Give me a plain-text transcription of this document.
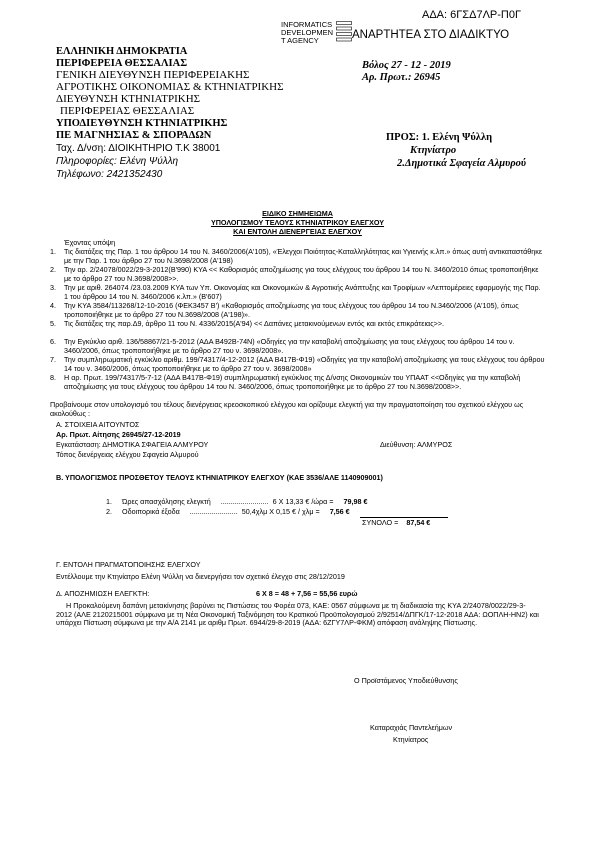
ΑΔΑ: 6ΓΣΔ7ΛΡ-Π0Γ
INFORMATICS
DEVELOPMEN
T AGENCY	ΑΝΑΡΤΗΤΕΑ ΣΤΟ ΔΙΑΔΙΚΤΥΟ
ΕΛΛΗΝΙΚΗ ΔΗΜΟΚΡΑΤΙΑ
ΠΕΡΙΦΕΡΕΙΑ ΘΕΣΣΑΛΙΑΣ
ΓΕΝΙΚΗ ΔΙΕΥΘΥΝΣΗ ΠΕΡΙΦΕΡΕΙΑΚΗΣ
ΑΓΡΟΤΙΚΗΣ ΟΙΚΟΝΟΜΙΑΣ & ΚΤΗΝΙΑΤΡΙΚΗΣ
ΔΙΕΥΘΥΝΣΗ ΚΤΗΝΙΑΤΡΙΚΗΣ
ΠΕΡΙΦΕΡΕΙΑΣ ΘΕΣΣΑΛΙΑΣ
ΥΠΟΔΙΕΥΘΥΝΣΗ ΚΤΗΝΙΑΤΡΙΚΗΣ
ΠΕ ΜΑΓΝΗΣΙΑΣ & ΣΠΟΡΑΔΩΝ
Ταχ. Δ/νση: ΔΙΟΙΚΗΤΗΡΙΟ Τ.Κ 38001
Πληροφορίες: Ελένη Ψύλλη
Τηλέφωνο: 2421352430
Βόλος 27 - 12 - 2019
Αρ. Πρωτ.: 26945
ΠΡΟΣ: 1. Ελένη Ψύλλη
Κτηνίατρο
2.Δημοτικά Σφαγεία Αλμυρού
ΕΙΔΙΚΟ ΣΗΜΗΕΙΩΜΑ
ΥΠΟΛΟΓΙΣΜΟΥ ΤΕΛΟΥΣ ΚΤΗΝΙΑΤΡΙΚΟΥ ΕΛΕΓΧΟΥ
ΚΑΙ ΕΝΤΟΛΗ ΔΙΕΝΕΡΓΕΙΑΣ ΕΛΕΓΧΟΥ
Έχοντας υπόψη
1. Τις διατάξεις της Παρ. 1 του άρθρου 14 του Ν. 3460/2006(Α'105), «Έλεγχοι Ποιότητας-Καταλληλότητας και Υγιεινής κ.λπ.» όπως αυτή αντικαταστάθηκε με την Παρ. 1 του άρθρο 27 του Ν.3698/2008 (Α'198)
2. Την αρ. 2/24078/0022/29-3-2012(Β'990) ΚΥΑ << Καθορισμός αποζημίωσης για τους ελέγχους του άρθρου 14 του Ν. 3460/2010 όπως τροποποιήθηκε με το άρθρο 27 του Ν.3698/2008>>.
3. Την με αριθ. 264074 /23.03.2009 ΚΥΑ των Υπ. Οικονομίας και Οικονομικών & Αγροτικής Ανάπτυξης και Τροφίμων «Λεπτομέρειες εφαρμογής της Παρ. 1 του άρθρου 14 του Ν. 3460/2006 κ.λπ.» (Β'607)
4. Την ΚΥΑ 3584/113268/12-10-2016 (ΦΕΚ3457 Β') «Καθορισμός αποζημίωσης για τους ελέγχους του άρθρου 14 του Ν.3460/2006 (Α'105), όπως τροποποιήθηκε με το άρθρο 27 του Ν.3698/2008 (Α'198)».
5. Τις διατάξεις της παρ.Δ9, άρθρο 11 του Ν. 4336/2015(Α'94) << Δαπάνες μετακινούμενων εντός και εκτός επικράτειας>>.
6. Την Εγκύκλιο αριθ. 136/58867/21-5-2012 (ΑΔΑ Β492Β-74Ν) «Οδηγίες για την καταβολή αποζημίωσης για τους ελέγχους του άρθρου 14 του ν. 3460/2006, όπως τροποποιήθηκε με το άρθρο 27 του ν. 3698/2008».
7. Την συμπληρωματική εγκύκλιο αριθμ. 199/74317/4-12-2012 (ΑΔΑ Β417Β-Φ19) «Οδηγίες για την καταβολή αποζημίωσης για τους ελέγχους του άρθρου 14 του ν. 3460/2006, όπως τροποποιήθηκε με το άρθρο 27 του ν. 3698/2008»
8. Η αρ. Πρωτ. 199/74317/5-7-12 (ΑΔΑ Β417Β-Φ19) συμπληρωματική εγκύκλιος της Δ/νσης Οικονομικών του ΥΠΑΑΤ <<Οδηγίες για την καταβολή αποζημίωσης για τους ελέγχους του άρθρου 14 του Ν. 3460/2006, όπως τροποποιήθηκε με το άρθρο 27 του Ν.3698/2008>>.
Προβαίνουμε στον υπολογισμό του τέλους διενέργειας κρεοσκοπικού ελέγχου και ορίζουμε ελεγκτή για την πραγματοποίηση του σχετικού ελέγχου ως ακολούθως :
Α. ΣΤΟΙΧΕΙΑ ΑΙΤΟΥΝΤΟΣ
Αρ. Πρωτ. Αίτησης 26945/27-12-2019
Εγκατάσταση: ΔΗΜΟΤΙΚΑ ΣΦΑΓΕΙΑ ΑΛΜΥΡΟΥ	Διεύθυνση: ΑΛΜΥΡΟΣ
Τόπος διενέργειας ελέγχου Σφαγεία Αλμυρού
Β. ΥΠΟΛΟΓΙΣΜΟΣ ΠΡΟΣΘΕΤΟΥ ΤΕΛΟΥΣ ΚΤΗΝΙΑΤΡΙΚΟΥ ΕΛΕΓΧΟΥ (ΚΑΕ 3536/ΑΛΕ 1140909001)
1. Ώρες απασχόλησης ελεγκτή ........................ 6 Χ 13,33 € /ώρα = 79,98 €
2. Οδοιπορικά έξοδα ........................ 50,4χλμ Χ 0,15 € / χλμ = 7,56 €
ΣΥΝΟΛΟ = 87,54 €
Γ. ΕΝΤΟΛΗ ΠΡΑΓΜΑΤΟΠΟΙΗΣΗΣ ΕΛΕΓΧΟΥ
Εντέλλουμε την Κτηνίατρο Ελένη Ψύλλη να διενεργήσει τον σχετικό έλεγχο στις 28/12/2019
Δ. ΑΠΟΖΗΜΙΩΣΗ ΕΛΕΓΚΤΗ:	6 Χ 8 = 48 + 7,56 = 55,56 ευρώ
Η Προκαλούμενη δαπάνη μετακίνησης βαρύνει τις Πιστώσεις του Φορέα 073, ΚΑΕ: 0567 σύμφωνα με τη διαδικασία της ΚΥΑ 2/24078/0022/29-3-2012 (ΑΛΕ 2120215001 σύμφωνα με τη Νέα Οικονομική Ταξινόμηση του Κρατικού Προϋπολογισμού 2/92514/ΔΠΓΚ/17-12-2018 ΑΔΑ: ΩΟΠΛΗ-ΗΝ2) και υπάρχει Πίστωση σύμφωνα με την Α/Α 2141 με αριθμ Πρωτ. 6944/29-8-2019 (ΑΔΑ: 6ΖΓΥ7ΛΡ-ΦΚΜ) απόφαση ανάληψης Πίστωσης.
Ο Προϊστάμενος Υποδιεύθυνσης
Καταραχιάς Παντελεήμων
Κτηνίατρος
